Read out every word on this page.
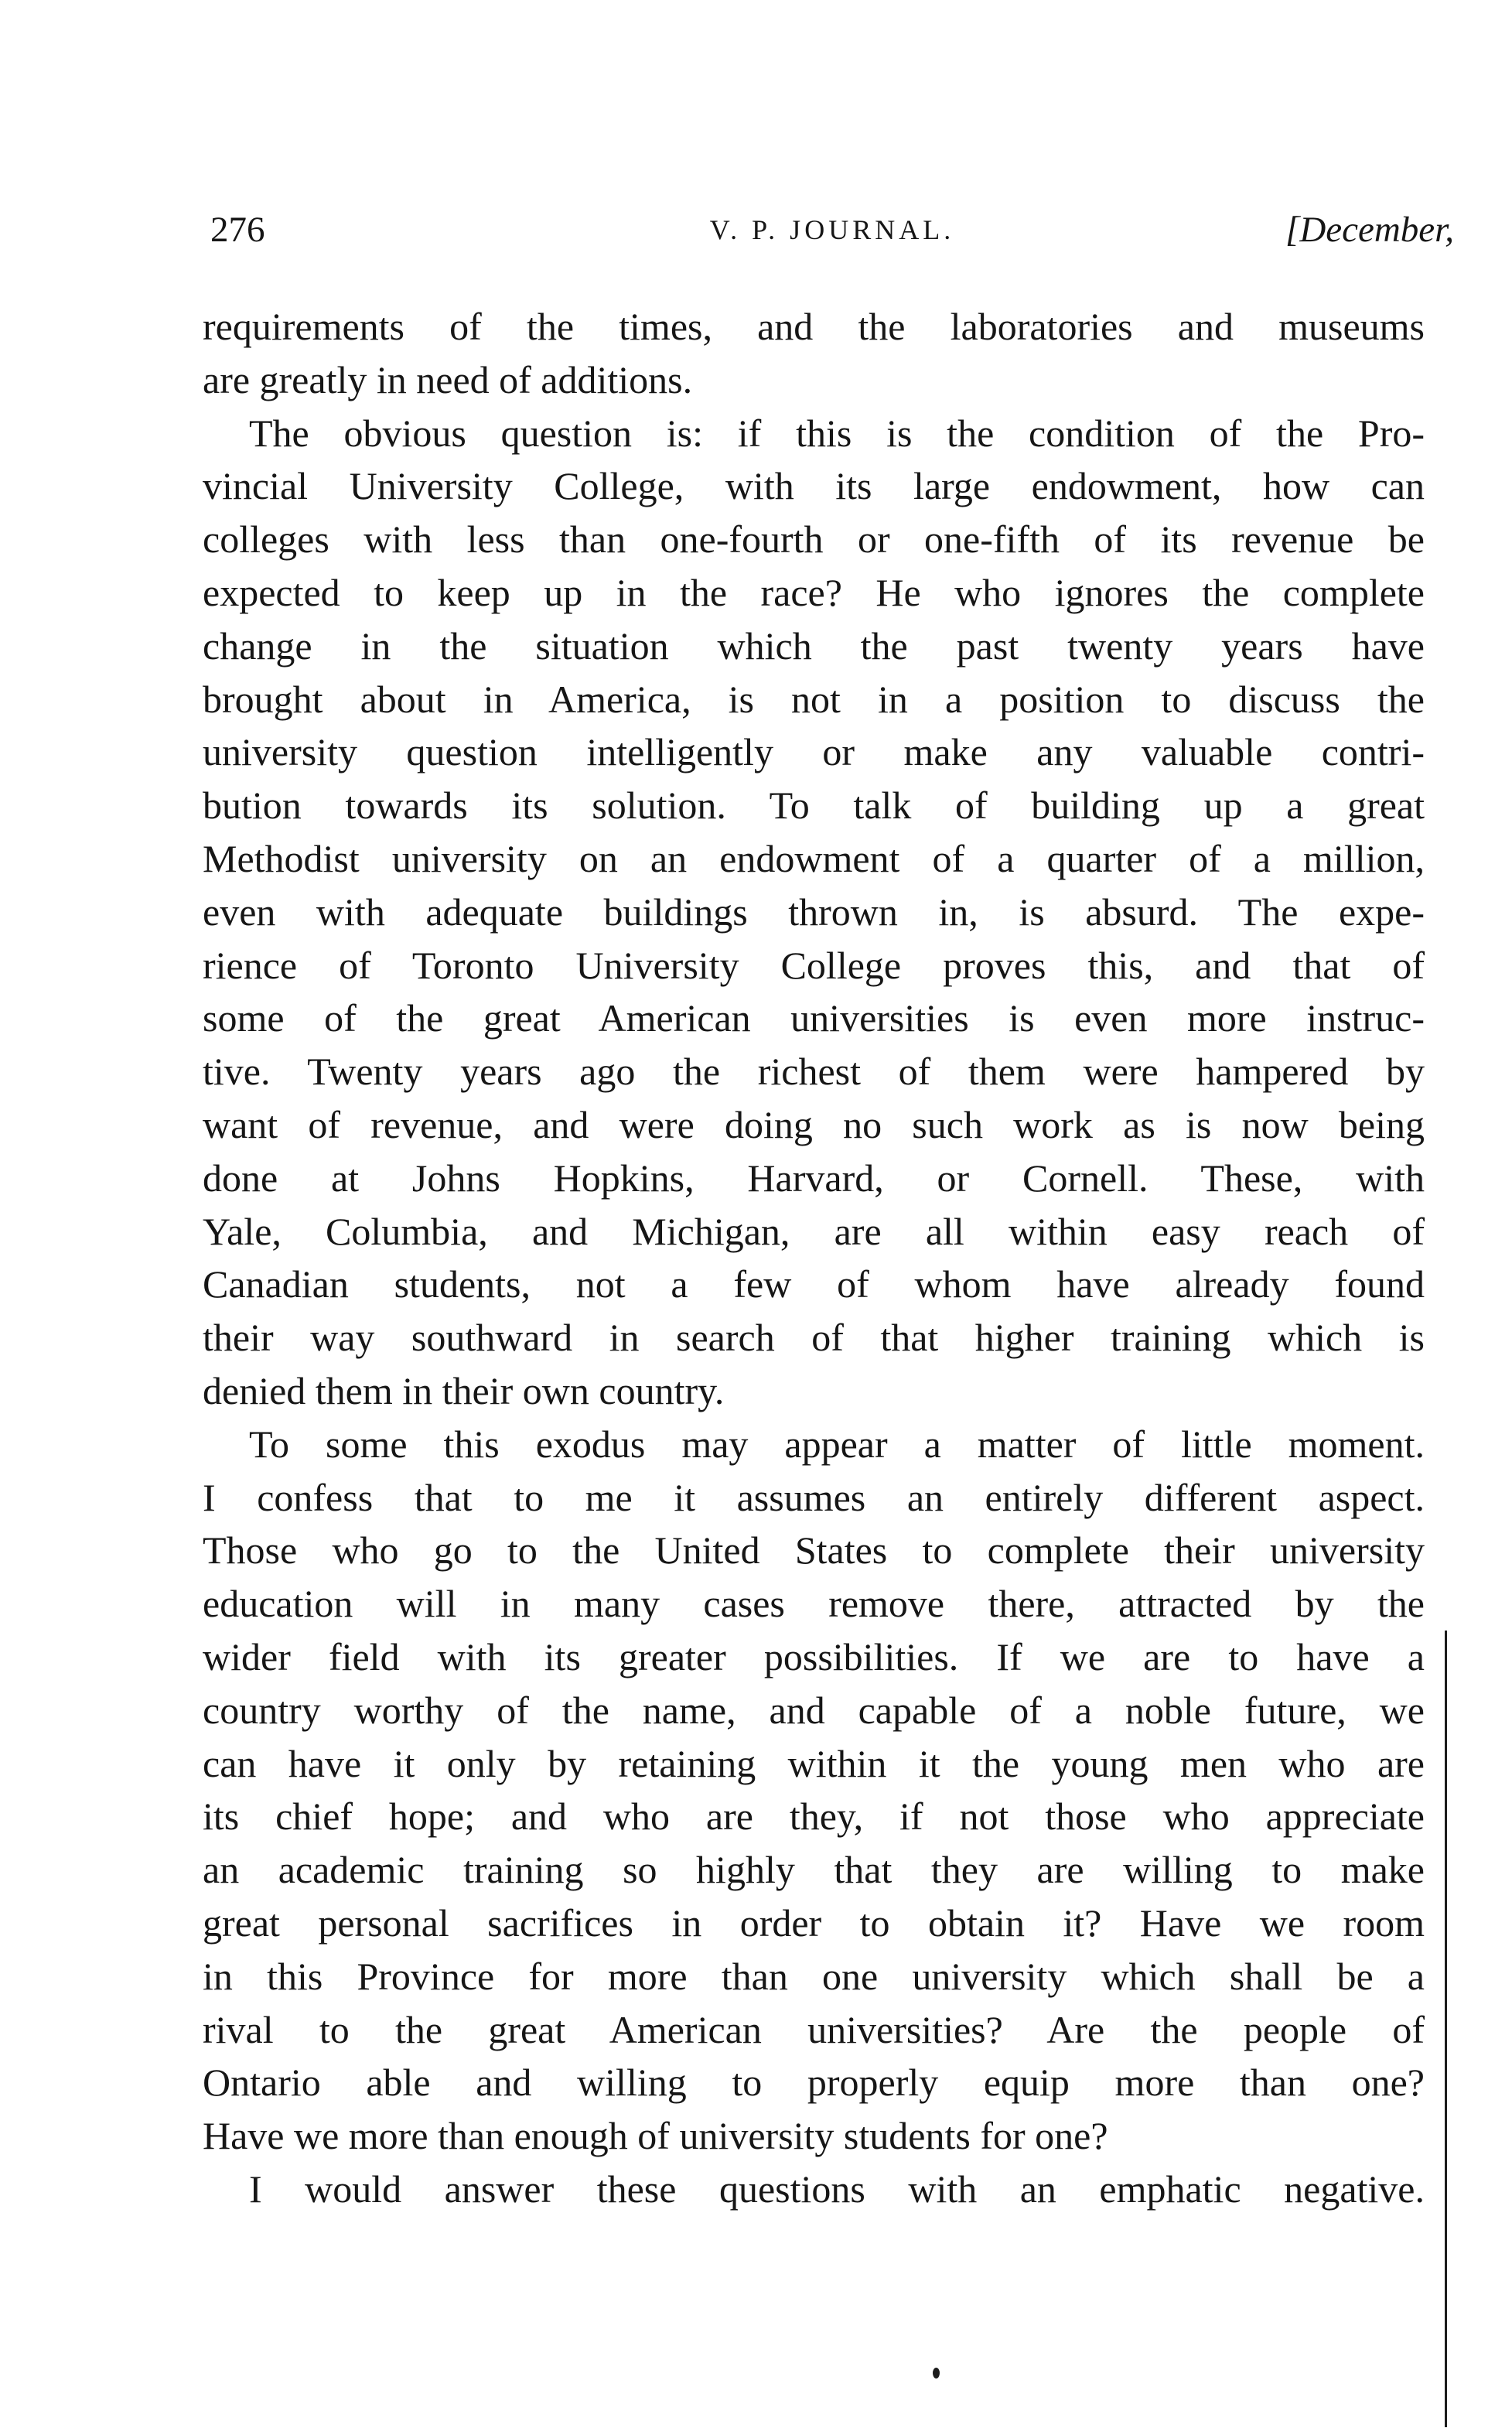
276	V. P. JOURNAL.	[December,
requirements of the times, and the laboratories and museums
are greatly in need of additions.
The obvious question is: if this is the condition of the Pro-
vincial University College, with its large endowment, how can
colleges with less than one-fourth or one-fifth of its revenue be
expected to keep up in the race? He who ignores the complete
change in the situation which the past twenty years have
brought about in America, is not in a position to discuss the
university question intelligently or make any valuable contri-
bution towards its solution. To talk of building up a great
Methodist university on an endowment of a quarter of a million,
even with adequate buildings thrown in, is absurd. The expe-
rience of Toronto University College proves this, and that of
some of the great American universities is even more instruc-
tive. Twenty years ago the richest of them were hampered by
want of revenue, and were doing no such work as is now being
done at Johns Hopkins, Harvard, or Cornell. These, with
Yale, Columbia, and Michigan, are all within easy reach of
Canadian students, not a few of whom have already found
their way southward in search of that higher training which is
denied them in their own country.
To some this exodus may appear a matter of little moment.
I confess that to me it assumes an entirely different aspect.
Those who go to the United States to complete their university
education will in many cases remove there, attracted by the
wider field with its greater possibilities. If we are to have a
country worthy of the name, and capable of a noble future, we
can have it only by retaining within it the young men who are
its chief hope; and who are they, if not those who appreciate
an academic training so highly that they are willing to make
great personal sacrifices in order to obtain it? Have we room
in this Province for more than one university which shall be a
rival to the great American universities? Are the people of
Ontario able and willing to properly equip more than one?
Have we more than enough of university students for one?
I would answer these questions with an emphatic negative.
